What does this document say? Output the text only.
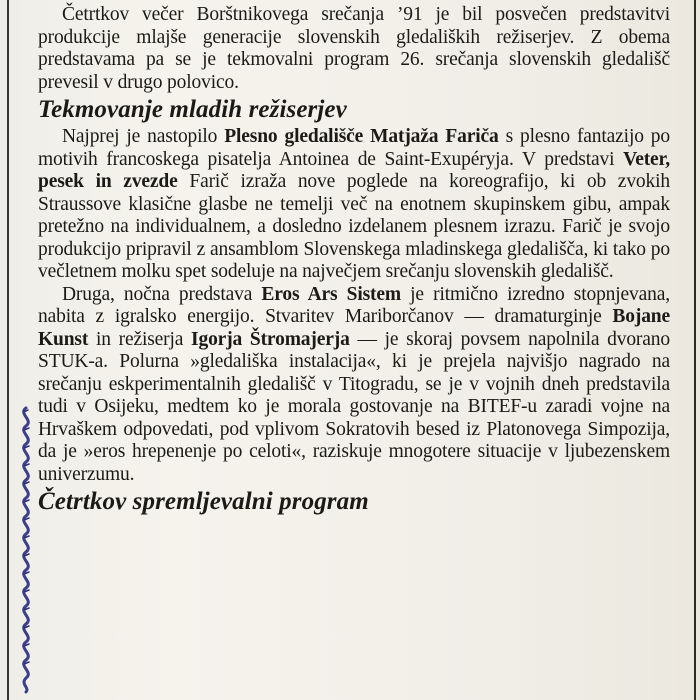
Četrtkov večer Borštnikovega srečanja ’91 je bil posvečen predstavitvi produkcije mlajše generacije slovenskih gledaliških režiserjev. Z obema predstavama pa se je tekmovalni program 26. srečanja slovenskih gledališč prevesil v drugo polovico.

Tekmovanje mladih režiserjev

Najprej je nastopilo Plesno gledališče Matjaža Fariča s plesno fantazijo po motivih francoskega pisatelja Antoinea de Saint-Exupéryja. V predstavi Veter, pesek in zvezde Farič izraža nove poglede na koreografijo, ki ob zvokih Straussove klasične glasbe ne temelji več na enotnem skupinskem gibu, ampak pretežno na individualnem, a dosledno izdelanem plesnem izrazu. Farič je svojo produkcijo pripravil z ansamblom Slovenskega mladinskega gledališča, ki tako po večletnem molku spet sodeluje na največjem srečanju slovenskih gledališč.

Druga, nočna predstava Eros Ars Sistem je ritmično izredno stopnjevana, nabita z igralsko energijo. Stvaritev Mariborčanov — dramaturginje Bojane Kunst in režiserja Igorja Štromajerja — je skoraj povsem napolnila dvorano STUK-a. Polurna »gledališka instalacija«, ki je prejela najvišjo nagrado na srečanju eskperimentalnih gledališč v Titogradu, se je v vojnih dneh predstavila tudi v Osijeku, medtem ko je morala gostovanje na BITEF-u zaradi vojne na Hrvaškem odpovedati, pod vplivom Sokratovih besed iz Platonovega Simpozija, da je »eros hrepenenje po celoti«, raziskuje mnogotere situacije v ljubezenskem univerzumu.

Četrtkov spremljevalni program
